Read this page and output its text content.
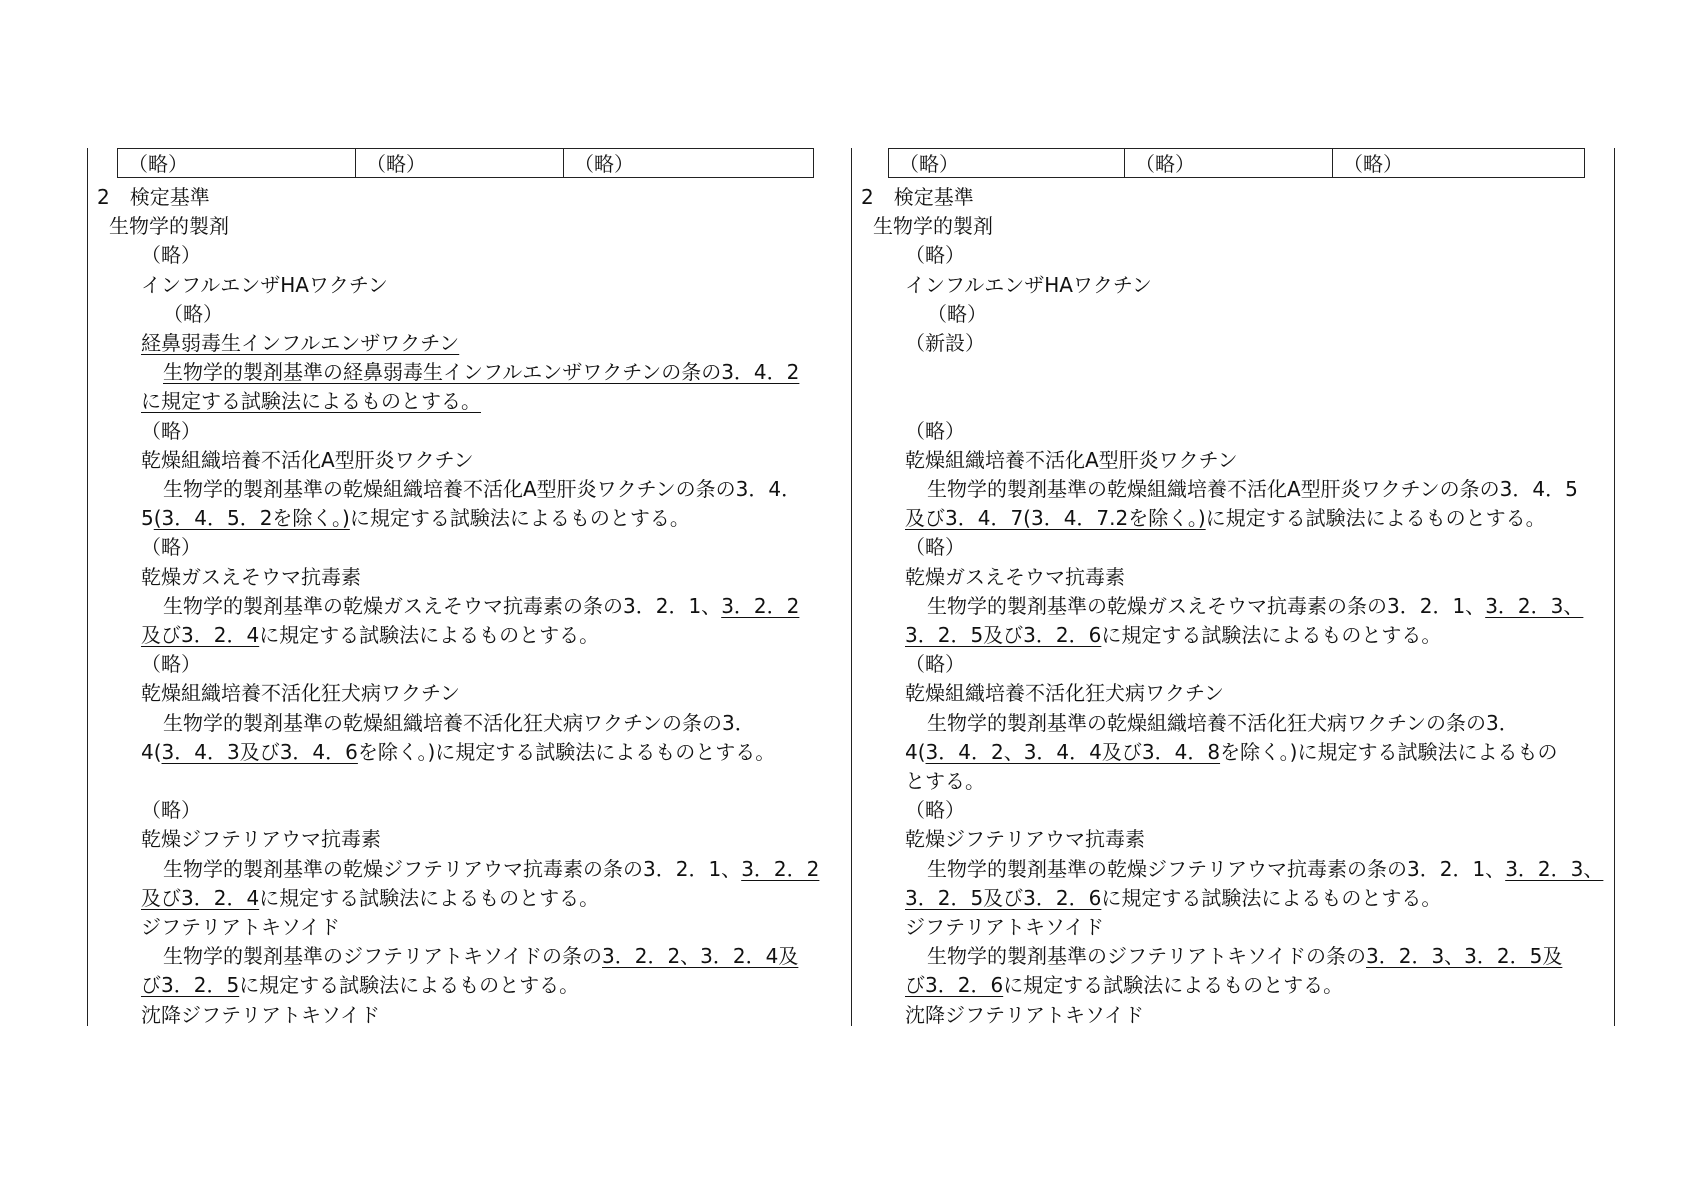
（略）	（略）	（略）
2　検定基準
生物学的製剤
（略）
インフルエンザHAワクチン
（略）
経鼻弱毒生インフルエンザワクチン
生物学的製剤基準の経鼻弱毒生インフルエンザワクチンの条の3．4．2
に規定する試験法によるものとする。
（略）
乾燥組織培養不活化A型肝炎ワクチン
生物学的製剤基準の乾燥組織培養不活化A型肝炎ワクチンの条の3．4．
5(3．4．5．2を除く。)に規定する試験法によるものとする。
（略）
乾燥ガスえそウマ抗毒素
生物学的製剤基準の乾燥ガスえそウマ抗毒素の条の3．2．1、3．2．2
及び3．2．4に規定する試験法によるものとする。
（略）
乾燥組織培養不活化狂犬病ワクチン
生物学的製剤基準の乾燥組織培養不活化狂犬病ワクチンの条の3．
4(3．4．3及び3．4．6を除く。)に規定する試験法によるものとする。
（略）
乾燥ジフテリアウマ抗毒素
生物学的製剤基準の乾燥ジフテリアウマ抗毒素の条の3．2．1、3．2．2
及び3．2．4に規定する試験法によるものとする。
ジフテリアトキソイド
生物学的製剤基準のジフテリアトキソイドの条の3．2．2、3．2．4及
び3．2．5に規定する試験法によるものとする。
沈降ジフテリアトキソイド
（略）	（略）	（略）
2　検定基準
生物学的製剤
（略）
インフルエンザHAワクチン
（略）
（新設）
（略）
乾燥組織培養不活化A型肝炎ワクチン
生物学的製剤基準の乾燥組織培養不活化A型肝炎ワクチンの条の3．4．5
及び3．4．7(3．4．7.2を除く。)に規定する試験法によるものとする。
（略）
乾燥ガスえそウマ抗毒素
生物学的製剤基準の乾燥ガスえそウマ抗毒素の条の3．2．1、3．2．3、
3．2．5及び3．2．6に規定する試験法によるものとする。
（略）
乾燥組織培養不活化狂犬病ワクチン
生物学的製剤基準の乾燥組織培養不活化狂犬病ワクチンの条の3．
4(3．4．2、3．4．4及び3．4．8を除く。)に規定する試験法によるもの
とする。
（略）
乾燥ジフテリアウマ抗毒素
生物学的製剤基準の乾燥ジフテリアウマ抗毒素の条の3．2．1、3．2．3、
3．2．5及び3．2．6に規定する試験法によるものとする。
ジフテリアトキソイド
生物学的製剤基準のジフテリアトキソイドの条の3．2．3、3．2．5及
び3．2．6に規定する試験法によるものとする。
沈降ジフテリアトキソイド
